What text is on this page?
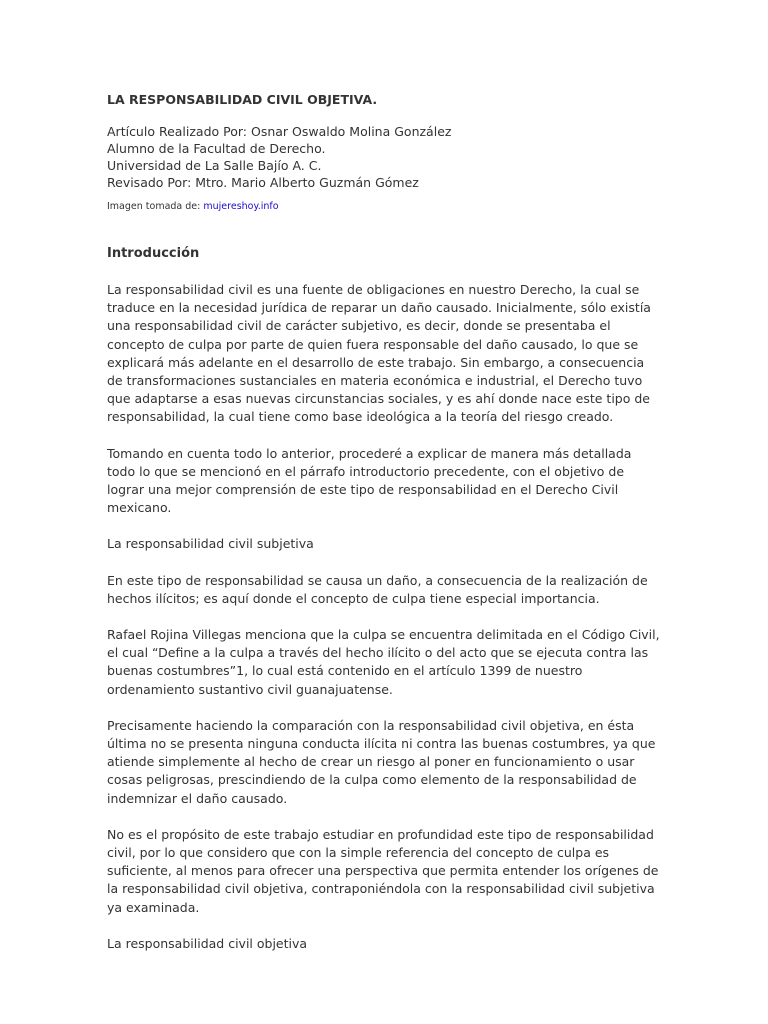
LA RESPONSABILIDAD CIVIL OBJETIVA.
Artículo Realizado Por: Osnar Oswaldo Molina González
Alumno de la Facultad de Derecho.
Universidad de La Salle Bajío A. C.
Revisado Por: Mtro. Mario Alberto Guzmán Gómez
Imagen tomada de: mujereshoy.info
Introducción

La responsabilidad civil es una fuente de obligaciones en nuestro Derecho, la cual se traduce en la necesidad jurídica de reparar un daño causado. Inicialmente, sólo existía una responsabilidad civil de carácter subjetivo, es decir, donde se presentaba el concepto de culpa por parte de quien fuera responsable del daño causado, lo que se explicará más adelante en el desarrollo de este trabajo. Sin embargo, a consecuencia de transformaciones sustanciales en materia económica e industrial, el Derecho tuvo que adaptarse a esas nuevas circunstancias sociales, y es ahí donde nace este tipo de responsabilidad, la cual tiene como base ideológica a la teoría del riesgo creado.

Tomando en cuenta todo lo anterior, procederé a explicar de manera más detallada todo lo que se mencionó en el párrafo introductorio precedente, con el objetivo de lograr una mejor comprensión de este tipo de responsabilidad en el Derecho Civil mexicano.

La responsabilidad civil subjetiva

En este tipo de responsabilidad se causa un daño, a consecuencia de la realización de hechos ilícitos; es aquí donde el concepto de culpa tiene especial importancia.

Rafael Rojina Villegas menciona que la culpa se encuentra delimitada en el Código Civil, el cual “Define a la culpa a través del hecho ilícito o del acto que se ejecuta contra las buenas costumbres”1, lo cual está contenido en el artículo 1399 de nuestro ordenamiento sustantivo civil guanajuatense.

Precisamente haciendo la comparación con la responsabilidad civil objetiva, en ésta última no se presenta ninguna conducta ilícita ni contra las buenas costumbres, ya que atiende simplemente al hecho de crear un riesgo al poner en funcionamiento o usar cosas peligrosas, prescindiendo de la culpa como elemento de la responsabilidad de indemnizar el daño causado.

No es el propósito de este trabajo estudiar en profundidad este tipo de responsabilidad civil, por lo que considero que con la simple referencia del concepto de culpa es suficiente, al menos para ofrecer una perspectiva que permita entender los orígenes de la responsabilidad civil objetiva, contraponiéndola con la responsabilidad civil subjetiva ya examinada.

La responsabilidad civil objetiva
